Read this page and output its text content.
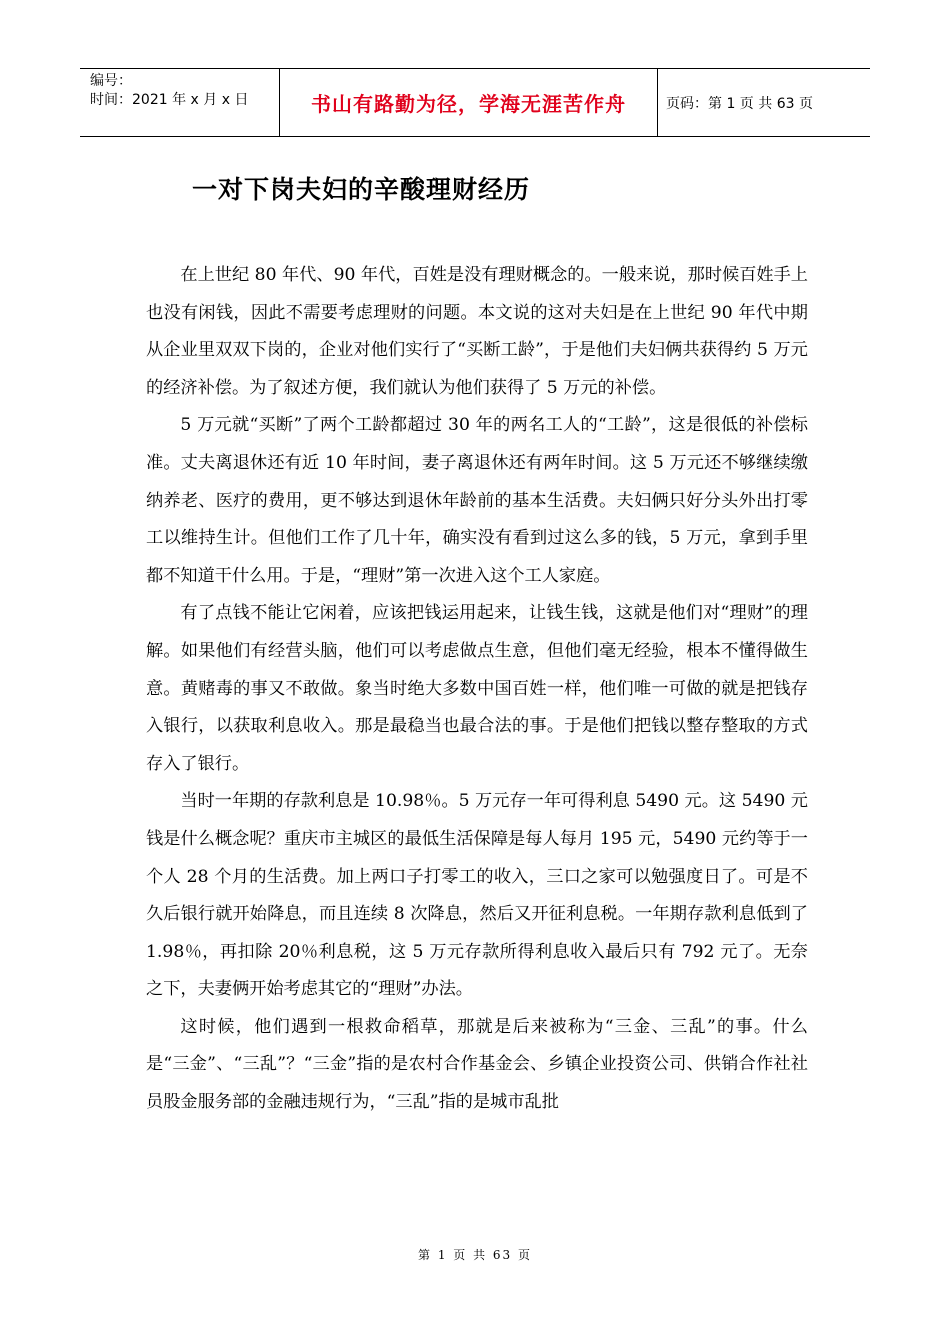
编号：
时间：2021 年 x 月 x 日	书山有路勤为径，学海无涯苦作舟	页码：第 1 页 共 63 页
一对下岗夫妇的辛酸理财经历

在上世纪 80 年代、90 年代，百姓是没有理财概念的。一般来说，那时候百姓手上也没有闲钱，因此不需要考虑理财的问题。本文说的这对夫妇是在上世纪 90 年代中期从企业里双双下岗的，企业对他们实行了“买断工龄”，于是他们夫妇俩共获得约 5 万元的经济补偿。为了叙述方便，我们就认为他们获得了 5 万元的补偿。

5 万元就“买断”了两个工龄都超过 30 年的两名工人的“工龄”，这是很低的补偿标准。丈夫离退休还有近 10 年时间，妻子离退休还有两年时间。这 5 万元还不够继续缴纳养老、医疗的费用，更不够达到退休年龄前的基本生活费。夫妇俩只好分头外出打零工以维持生计。但他们工作了几十年，确实没有看到过这么多的钱，5 万元，拿到手里都不知道干什么用。于是，“理财”第一次进入这个工人家庭。

有了点钱不能让它闲着，应该把钱运用起来，让钱生钱，这就是他们对“理财”的理解。如果他们有经营头脑，他们可以考虑做点生意，但他们毫无经验，根本不懂得做生意。黄赌毒的事又不敢做。象当时绝大多数中国百姓一样，他们唯一可做的就是把钱存入银行，以获取利息收入。那是最稳当也最合法的事。于是他们把钱以整存整取的方式存入了银行。

当时一年期的存款利息是 10.98％。5 万元存一年可得利息 5490 元。这 5490 元钱是什么概念呢？重庆市主城区的最低生活保障是每人每月 195 元，5490 元约等于一个人 28 个月的生活费。加上两口子打零工的收入，三口之家可以勉强度日了。可是不久后银行就开始降息，而且连续 8 次降息，然后又开征利息税。一年期存款利息低到了 1.98％，再扣除 20％利息税，这 5 万元存款所得利息收入最后只有 792 元了。无奈之下，夫妻俩开始考虑其它的“理财”办法。

这时候，他们遇到一根救命稻草，那就是后来被称为“三金、三乱”的事。什么是“三金”、“三乱”？“三金”指的是农村合作基金会、乡镇企业投资公司、供销合作社社员股金服务部的金融违规行为，“三乱”指的是城市乱批

第 1 页 共 63 页
